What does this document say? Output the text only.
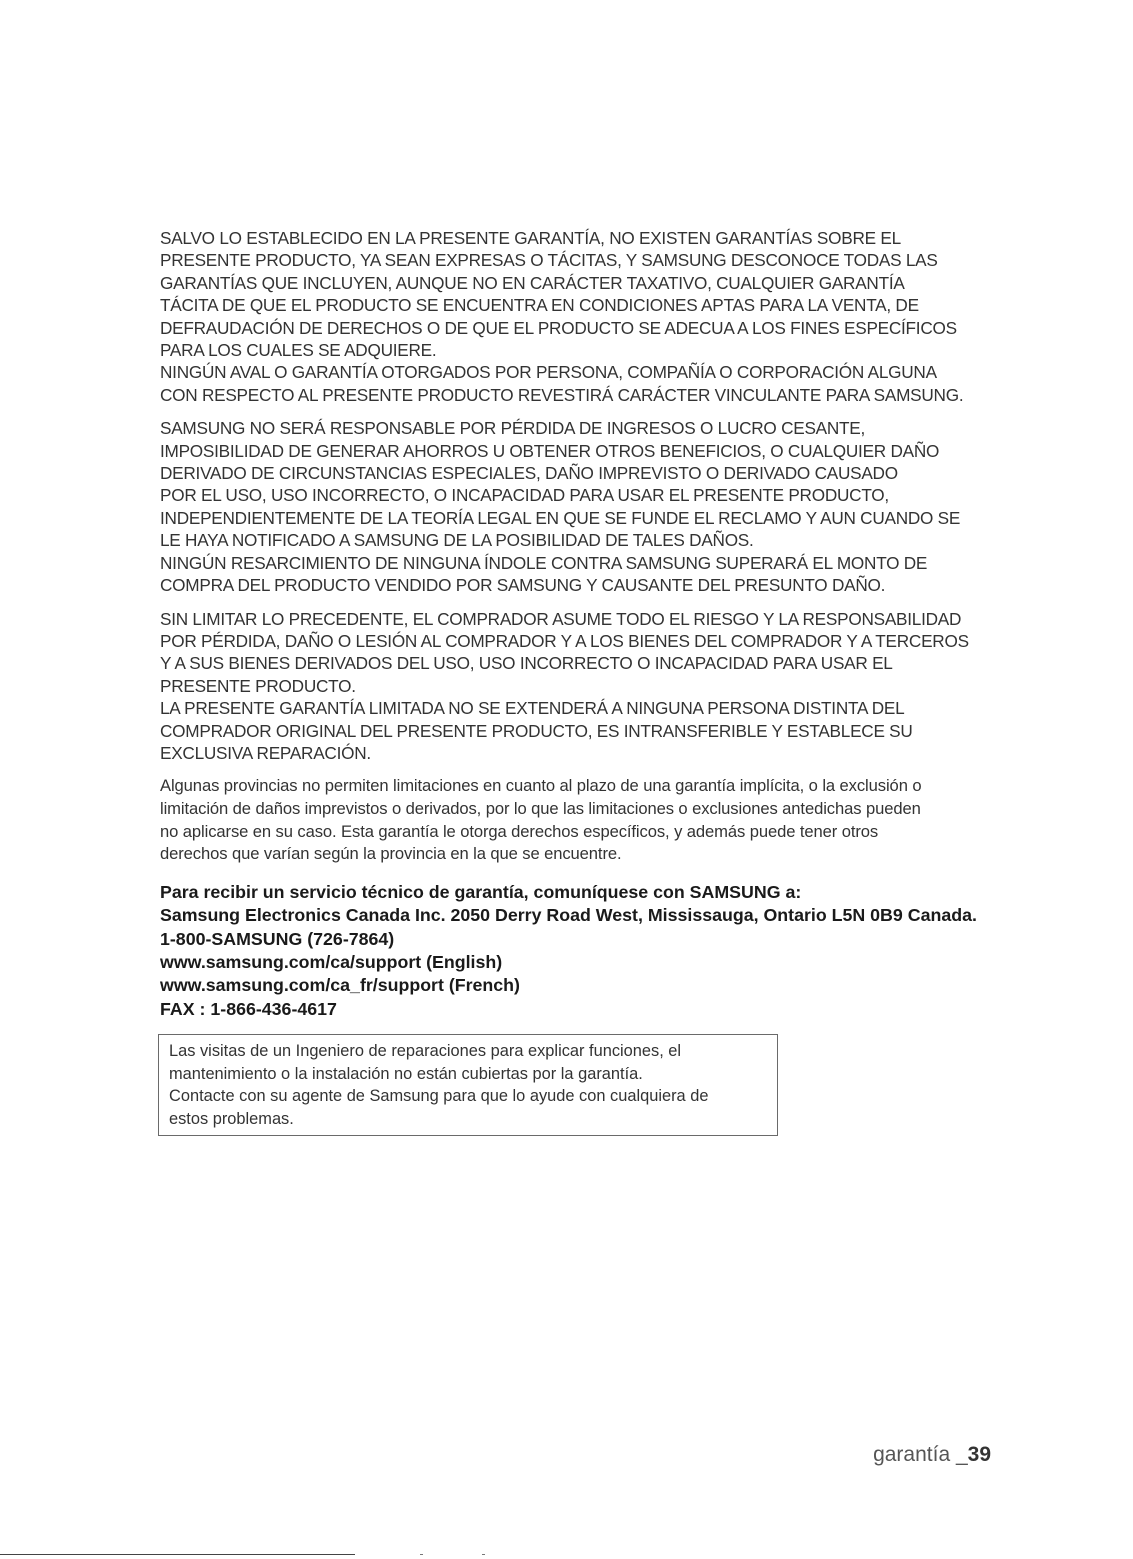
SALVO LO ESTABLECIDO EN LA PRESENTE GARANTÍA, NO EXISTEN GARANTÍAS SOBRE EL
PRESENTE PRODUCTO, YA SEAN EXPRESAS O TÁCITAS, Y SAMSUNG DESCONOCE TODAS LAS
GARANTÍAS QUE INCLUYEN, AUNQUE NO EN CARÁCTER TAXATIVO, CUALQUIER GARANTÍA
TÁCITA DE QUE EL PRODUCTO SE ENCUENTRA EN CONDICIONES APTAS PARA LA VENTA, DE
DEFRAUDACIÓN DE DERECHOS O DE QUE EL PRODUCTO SE ADECUA A LOS FINES ESPECÍFICOS
PARA LOS CUALES SE ADQUIERE.
NINGÚN AVAL O GARANTÍA OTORGADOS POR PERSONA, COMPAÑÍA O CORPORACIÓN ALGUNA
CON RESPECTO AL PRESENTE PRODUCTO REVESTIRÁ CARÁCTER VINCULANTE PARA SAMSUNG.
SAMSUNG NO SERÁ RESPONSABLE POR PÉRDIDA DE INGRESOS O LUCRO CESANTE,
IMPOSIBILIDAD DE GENERAR AHORROS U OBTENER OTROS BENEFICIOS, O CUALQUIER DAÑO
DERIVADO DE CIRCUNSTANCIAS ESPECIALES, DAÑO IMPREVISTO O DERIVADO CAUSADO
POR EL USO, USO INCORRECTO, O INCAPACIDAD PARA USAR EL PRESENTE PRODUCTO,
INDEPENDIENTEMENTE DE LA TEORÍA LEGAL EN QUE SE FUNDE EL RECLAMO Y AUN CUANDO SE
LE HAYA NOTIFICADO A SAMSUNG DE LA POSIBILIDAD DE TALES DAÑOS.
NINGÚN RESARCIMIENTO DE NINGUNA ÍNDOLE CONTRA SAMSUNG SUPERARÁ EL MONTO DE
COMPRA DEL PRODUCTO VENDIDO POR SAMSUNG Y CAUSANTE DEL PRESUNTO DAÑO.
SIN LIMITAR LO PRECEDENTE, EL COMPRADOR ASUME TODO EL RIESGO Y LA RESPONSABILIDAD
POR PÉRDIDA, DAÑO O LESIÓN AL COMPRADOR Y A LOS BIENES DEL COMPRADOR Y A TERCEROS
Y A SUS BIENES DERIVADOS DEL USO, USO INCORRECTO O INCAPACIDAD PARA USAR EL
PRESENTE PRODUCTO.
LA PRESENTE GARANTÍA LIMITADA NO SE EXTENDERÁ A NINGUNA PERSONA DISTINTA DEL
COMPRADOR ORIGINAL DEL PRESENTE PRODUCTO, ES INTRANSFERIBLE Y ESTABLECE SU
EXCLUSIVA REPARACIÓN.
Algunas provincias no permiten limitaciones en cuanto al plazo de una garantía implícita, o la exclusión o
limitación de daños imprevistos o derivados, por lo que las limitaciones o exclusiones antedichas pueden
no aplicarse en su caso. Esta garantía le otorga derechos específicos, y además puede tener otros
derechos que varían según la provincia en la que se encuentre.
Para recibir un servicio técnico de garantía, comuníquese con SAMSUNG a:
Samsung Electronics Canada Inc. 2050 Derry Road West, Mississauga, Ontario L5N 0B9 Canada.
1-800-SAMSUNG (726-7864)
www.samsung.com/ca/support (English)
www.samsung.com/ca_fr/support (French)
FAX : 1-866-436-4617
Las visitas de un Ingeniero de reparaciones para explicar funciones, el
mantenimiento o la instalación no están cubiertas por la garantía.
Contacte con su agente de Samsung para que lo ayude con cualquiera de
estos problemas.
garantía _39
